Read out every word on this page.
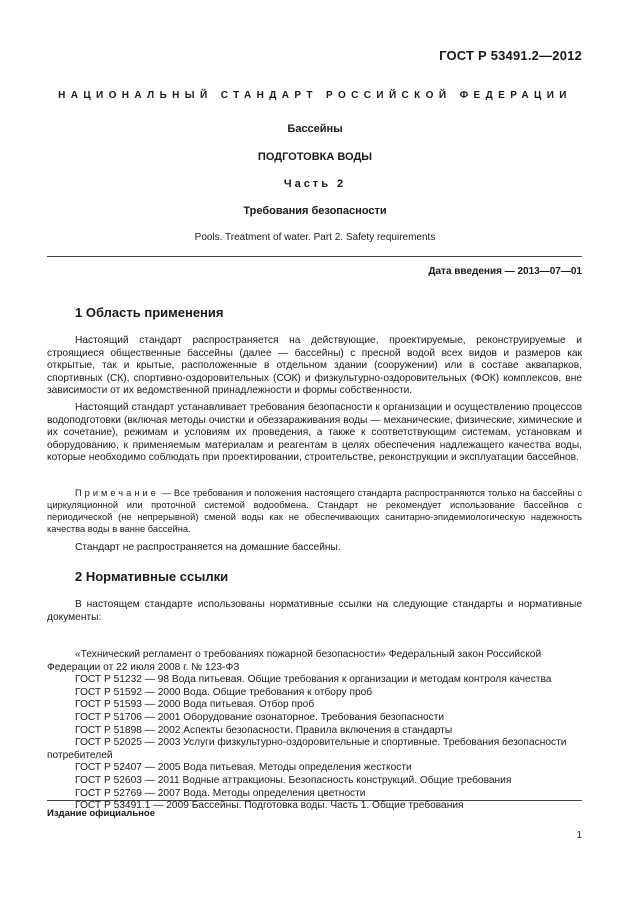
ГОСТ Р 53491.2—2012
НАЦИОНАЛЬНЫЙ СТАНДАРТ РОССИЙСКОЙ ФЕДЕРАЦИИ
Бассейны
ПОДГОТОВКА ВОДЫ
Часть 2
Требования безопасности
Pools. Treatment of water. Part 2. Safety requirements
Дата введения — 2013—07—01
1 Область применения

Настоящий стандарт распространяется на действующие, проектируемые, реконструируемые и строящиеся общественные бассейны (далее — бассейны) с пресной водой всех видов и размеров как открытые, так и крытые, расположенные в отдельном здании (сооружении) или в составе аквапарков, спортивных (СК), спортивно-оздоровительных (СОК) и физкультурно-оздоровительных (ФОК) комплексов, вне зависимости от их ведомственной принадлежности и формы собственности.

Настоящий стандарт устанавливает требования безопасности к организации и осуществлению процессов водоподготовки (включая методы очистки и обеззараживания воды — механические, физические, химические и их сочетание), режимам и условиям их проведения, а также к соответствующим системам, установкам и оборудованию, к применяемым материалам и реагентам в целях обеспечения надлежащего качества воды, которые необходимо соблюдать при проектировании, строительстве, реконструкции и эксплуатации бассейнов.

Примечание — Все требования и положения настоящего стандарта распространяются только на бассейны с циркуляционной или проточной системой водообмена. Стандарт не рекомендует использование бассейнов с периодической (не непрерывной) сменой воды как не обеспечивающих санитарно-эпидемиологическую надежность качества воды в ванне бассейна.

Стандарт не распространяется на домашние бассейны.

2 Нормативные ссылки

В настоящем стандарте использованы нормативные ссылки на следующие стандарты и нормативные документы:

«Технический регламент о требованиях пожарной безопасности» Федеральный закон Российской Федерации от 22 июля 2008 г. № 123-ФЗ

ГОСТ Р 51232 — 98 Вода питьевая. Общие требования к организации и методам контроля качества

ГОСТ Р 51592 — 2000 Вода. Общие требования к отбору проб

ГОСТ Р 51593 — 2000 Вода питьевая. Отбор проб

ГОСТ Р 51706 — 2001 Оборудование озонаторное. Требования безопасности

ГОСТ Р 51898 — 2002 Аспекты безопасности. Правила включения в стандарты

ГОСТ Р 52025 — 2003 Услуги физкультурно-оздоровительные и спортивные. Требования безопасности потребителей

ГОСТ Р 52407 — 2005 Вода питьевая. Методы определения жесткости

ГОСТ Р 52603 — 2011 Водные аттракционы. Безопасность конструкций. Общие требования

ГОСТ Р 52769 — 2007 Вода. Методы определения цветности

ГОСТ Р 53491.1 — 2009 Бассейны. Подготовка воды. Часть 1. Общие требования

Издание официальное
1
